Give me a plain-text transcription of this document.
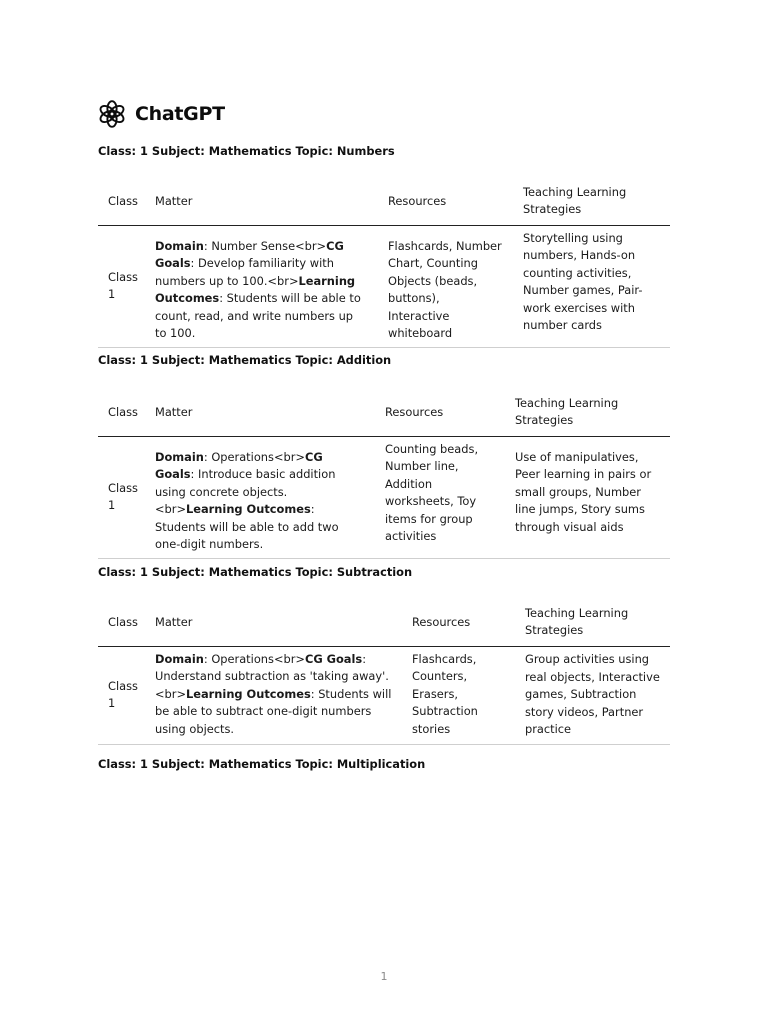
ChatGPT
Class: 1 Subject: Mathematics Topic: Numbers
Class	Matter	Resources	Teaching Learning Strategies
Class 1	Domain: Number Sense<br>CG Goals: Develop familiarity with numbers up to 100.<br>Learning Outcomes: Students will be able to count, read, and write numbers up to 100.	Flashcards, Number Chart, Counting Objects (beads, buttons), Interactive whiteboard	Storytelling using numbers, Hands-on counting activities, Number games, Pair-work exercises with number cards
Class: 1 Subject: Mathematics Topic: Addition
Class	Matter	Resources	Teaching Learning Strategies
Class 1	Domain: Operations<br>CG Goals: Introduce basic addition using concrete objects.<br>Learning Outcomes: Students will be able to add two one-digit numbers.	Counting beads, Number line, Addition worksheets, Toy items for group activities	Use of manipulatives, Peer learning in pairs or small groups, Number line jumps, Story sums through visual aids
Class: 1 Subject: Mathematics Topic: Subtraction
Class	Matter	Resources	Teaching Learning Strategies
Class 1	Domain: Operations<br>CG Goals: Understand subtraction as 'taking away'.<br>Learning Outcomes: Students will be able to subtract one-digit numbers using objects.	Flashcards, Counters, Erasers, Subtraction stories	Group activities using real objects, Interactive games, Subtraction story videos, Partner practice
Class: 1 Subject: Mathematics Topic: Multiplication
1
